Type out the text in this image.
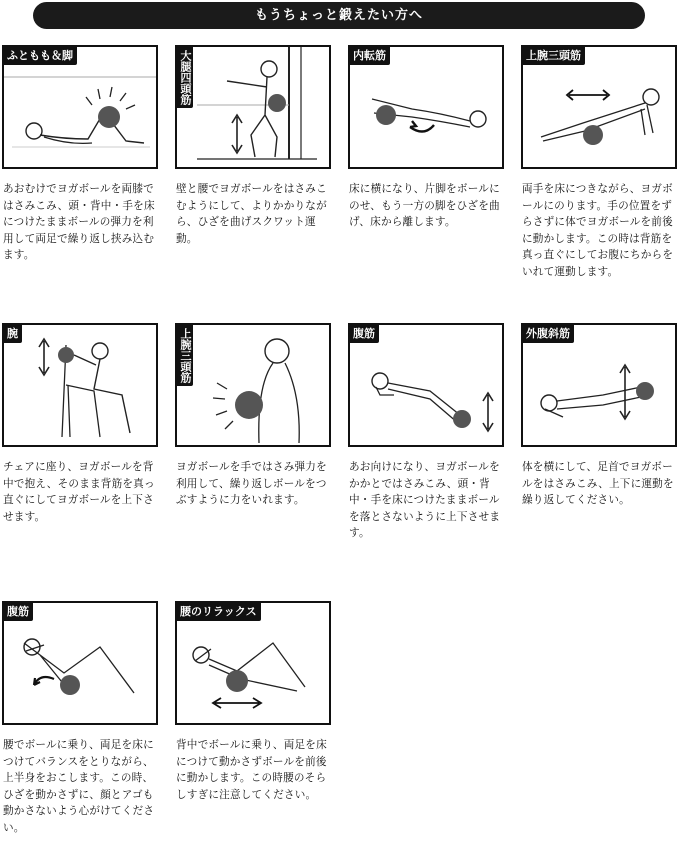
もうちょっと鍛えたい方へ
ふともも＆脚
あおむけでヨガボールを両膝ではさみこみ、頭・背中・手を床につけたままボールの弾力を利用して両足で繰り返し挟み込むます。
大腿四頭筋
壁と腰でヨガボールをはさみこむようにして、よりかかりながら、ひざを曲げスクワット運動。
内転筋
床に横になり、片脚をボールにのせ、もう一方の脚をひざを曲げ、床から離します。
上腕三頭筋
両手を床につきながら、ヨガボールにのります。手の位置をずらさずに体でヨガボールを前後に動かします。この時は背筋を真っ直ぐにしてお腹にちからをいれて運動します。
腕
チェアに座り、ヨガボールを背中で抱え、そのまま背筋を真っ直ぐにしてヨガボールを上下させます。
上腕三頭筋
ヨガボールを手ではさみ弾力を利用して、繰り返しボールをつぶすように力をいれます。
腹筋
あお向けになり、ヨガボールをかかとではさみこみ、頭・背中・手を床につけたままボールを落とさないように上下させます。
外腹斜筋
体を横にして、足首でヨガボールをはさみこみ、上下に運動を繰り返してください。
腹筋
腰でボールに乗り、両足を床につけてバランスをとりながら、上半身をおこします。この時、ひざを動かさずに、顔とアゴも動かさないよう心がけてください。
腰のリラックス
背中でボールに乗り、両足を床につけて動かさずボールを前後に動かします。この時腰のそらしすぎに注意してください。
